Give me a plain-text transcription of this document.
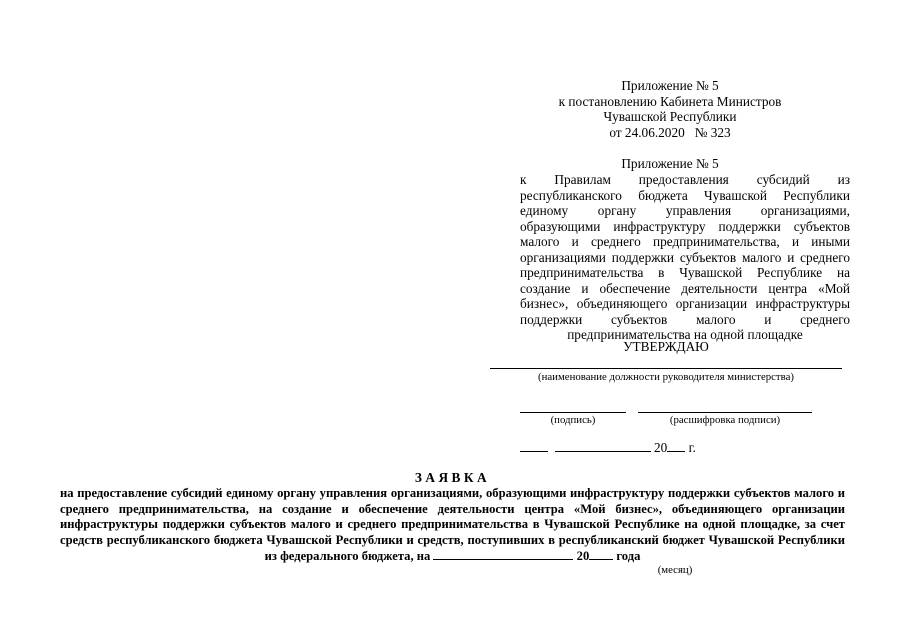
Приложение № 5
к постановлению Кабинета Министров
Чувашской Республики
от 24.06.2020   № 323
Приложение № 5
к Правилам предоставления субсидий из республиканского бюджета Чувашской Республики единому органу управления организациями, образующими инфраструктуру поддержки субъектов малого и среднего предпринимательства, и иными организациями поддержки субъектов малого и среднего предпринимательства в Чувашской Республике на создание и обеспечение деятельности центра «Мой бизнес», объединяющего организации инфраструктуры поддержки субъектов малого и среднего предпринимательства на одной площадке
УТВЕРЖДАЮ
(наименование должности руководителя министерства)
(подпись)	(расшифровка подписи)
20 г.
ЗАЯВКА
на предоставление субсидий единому органу управления организациями, образующими инфраструктуру поддержки субъектов малого и среднего предпринимательства, на создание и обеспечение деятельности центра «Мой бизнес», объединяющего организации инфраструктуры поддержки субъектов малого и среднего предпринимательства в Чувашской Республике на одной площадке, за счет средств республиканского бюджета Чувашской Республики и средств, поступивших в республиканский бюджет Чувашской Республики из федерального бюджета, на	20 года
(месяц)
